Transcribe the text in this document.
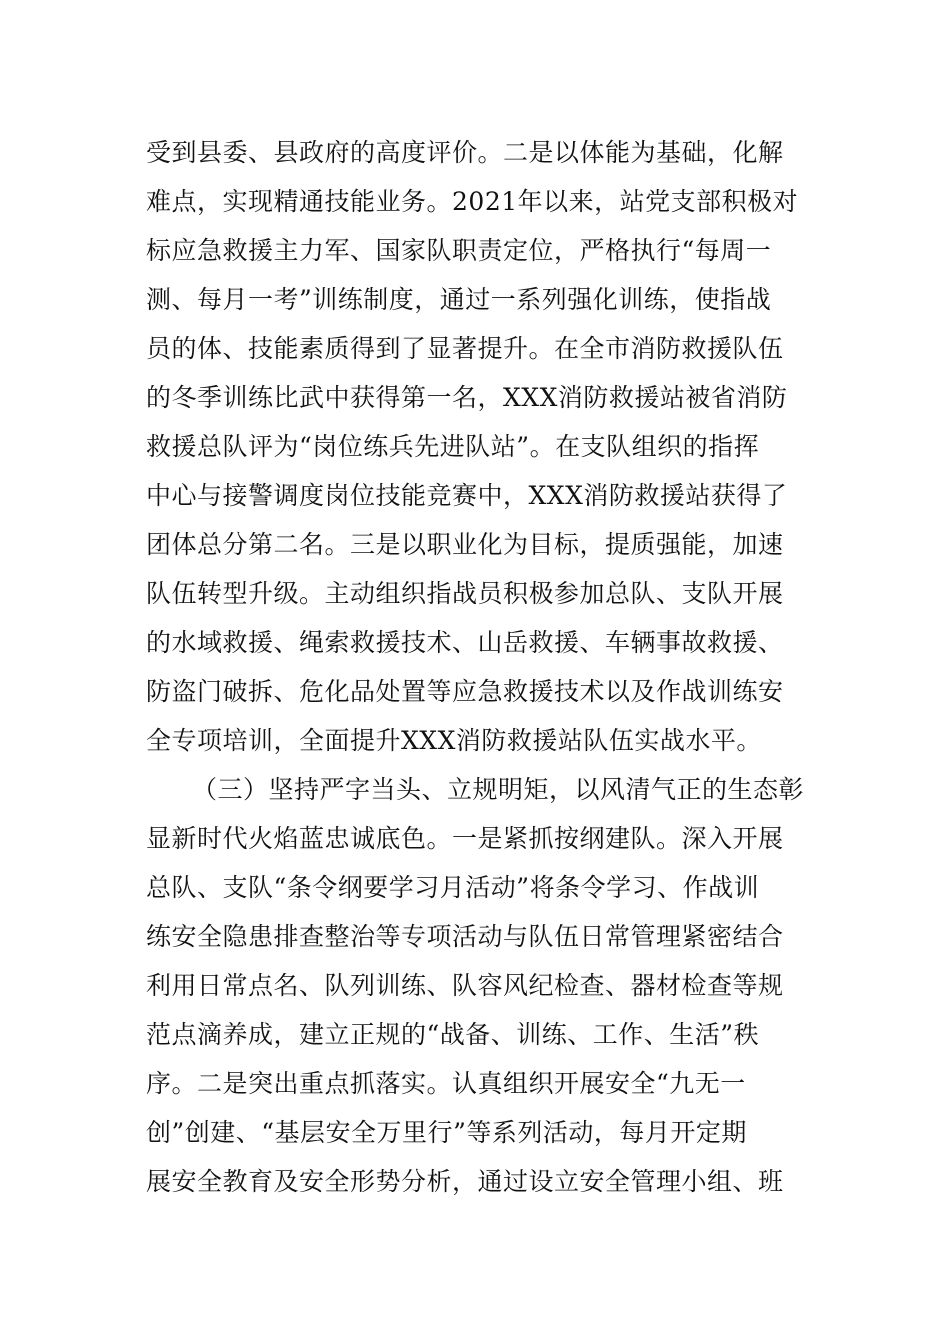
受到县委、县政府的高度评价。二是以体能为基础，化解
难点，实现精通技能业务。2021年以来，站党支部积极对
标应急救援主力军、国家队职责定位，严格执行“每周一
测、每月一考”训练制度，通过一系列强化训练，使指战
员的体、技能素质得到了显著提升。在全市消防救援队伍
的冬季训练比武中获得第一名，XXX消防救援站被省消防
救援总队评为“岗位练兵先进队站”。在支队组织的指挥
中心与接警调度岗位技能竞赛中，XXX消防救援站获得了
团体总分第二名。三是以职业化为目标，提质强能，加速
队伍转型升级。主动组织指战员积极参加总队、支队开展
的水域救援、绳索救援技术、山岳救援、车辆事故救援、
防盗门破拆、危化品处置等应急救援技术以及作战训练安
全专项培训，全面提升XXX消防救援站队伍实战水平。
（三）坚持严字当头、立规明矩，以风清气正的生态彰
显新时代火焰蓝忠诚底色。一是紧抓按纲建队。深入开展
总队、支队“条令纲要学习月活动”将条令学习、作战训
练安全隐患排查整治等专项活动与队伍日常管理紧密结合
利用日常点名、队列训练、队容风纪检查、器材检查等规
范点滴养成，建立正规的“战备、训练、工作、生活”秩
序。二是突出重点抓落实。认真组织开展安全“九无一
创”创建、“基层安全万里行”等系列活动，每月开定期
展安全教育及安全形势分析，通过设立安全管理小组、班
